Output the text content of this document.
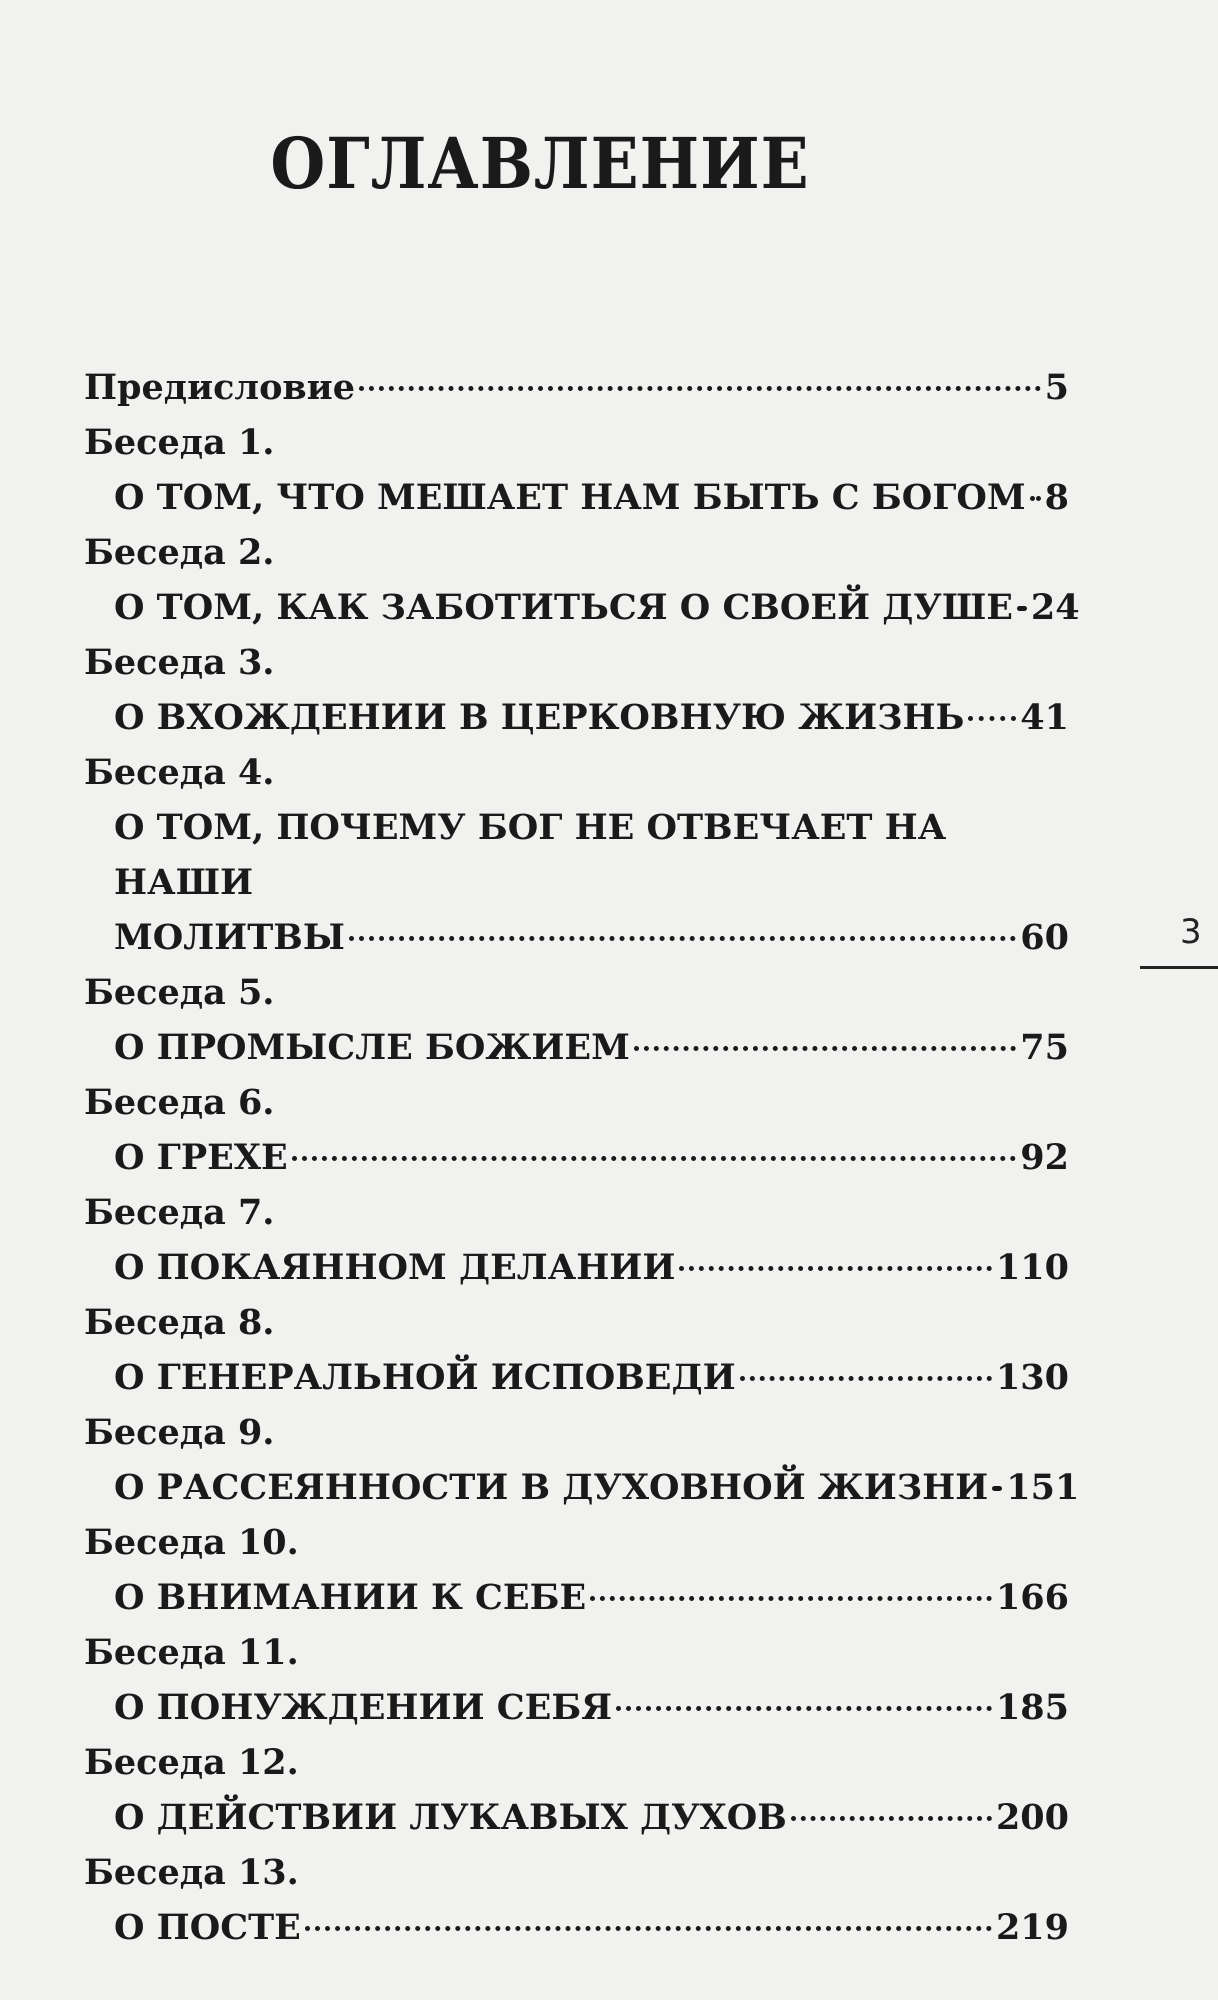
ОГЛАВЛЕНИЕ
Предисловие	5
Беседа 1.
О ТОМ, ЧТО МЕШАЕТ НАМ БЫТЬ С БОГОМ 8
Беседа 2.
О ТОМ, КАК ЗАБОТИТЬСЯ О СВОЕЙ ДУШЕ 24
Беседа 3.
О ВХОЖДЕНИИ В ЦЕРКОВНУЮ ЖИЗНЬ 41
Беседа 4.
О ТОМ, ПОЧЕМУ БОГ НЕ ОТВЕЧАЕТ НА НАШИ
МОЛИТВЫ	60
Беседа 5.
О ПРОМЫСЛЕ БОЖИЕМ	75
Беседа 6.
О ГРЕХЕ	92
Беседа 7.
О ПОКАЯННОМ ДЕЛАНИИ	110
Беседа 8.
О ГЕНЕРАЛЬНОЙ ИСПОВЕДИ	130
Беседа 9.
О РАССЕЯННОСТИ В ДУХОВНОЙ ЖИЗНИ 151
Беседа 10.
О ВНИМАНИИ К СЕБЕ	166
Беседа 11.
О ПОНУЖДЕНИИ СЕБЯ	185
Беседа 12.
О ДЕЙСТВИИ ЛУКАВЫХ ДУХОВ	200
Беседа 13.
О ПОСТЕ	219
3
